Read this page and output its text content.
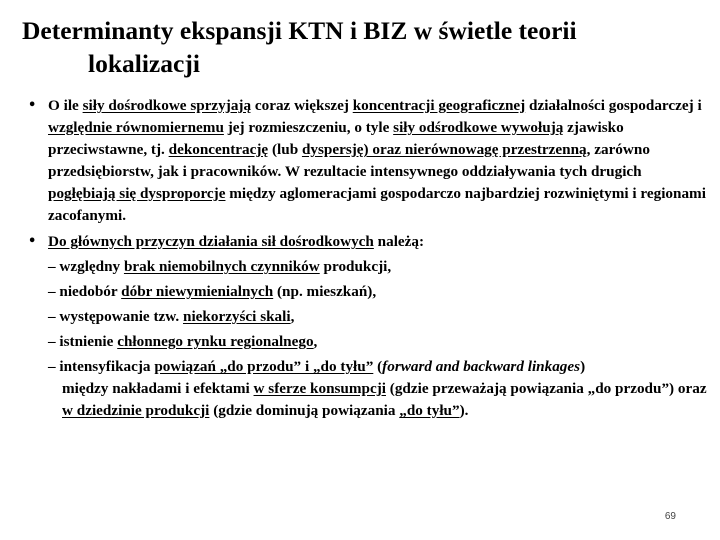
Determinanty ekspansji KTN i BIZ w świetle teorii
lokalizacji
• O ile siły dośrodkowe sprzyjają coraz większej koncentracji geograficznej działalności gospodarczej i względnie równomiernemu jej rozmieszczeniu, o tyle siły odśrodkowe wywołują zjawisko przeciwstawne, tj. dekoncentrację (lub dyspersję) oraz nierównowagę przestrzenną, zarówno przedsiębiorstw, jak i pracowników. W rezultacie intensywnego oddziaływania tych drugich pogłębiają się dysproporcje między aglomeracjami gospodarczo najbardziej rozwiniętymi i regionami zacofanymi.
• Do głównych przyczyn działania sił dośrodkowych należą:
– względny brak niemobilnych czynników produkcji,
– niedobór dóbr niewymienialnych (np. mieszkań),
– występowanie tzw. niekorzyści skali,
– istnienie chłonnego rynku regionalnego,
– intensyfikacja powiązań „do przodu” i „do tyłu” (forward and backward linkages)
między nakładami i efektami w sferze konsumpcji (gdzie przeważają powiązania „do przodu”) oraz w dziedzinie produkcji (gdzie dominują powiązania „do tyłu”).
69
